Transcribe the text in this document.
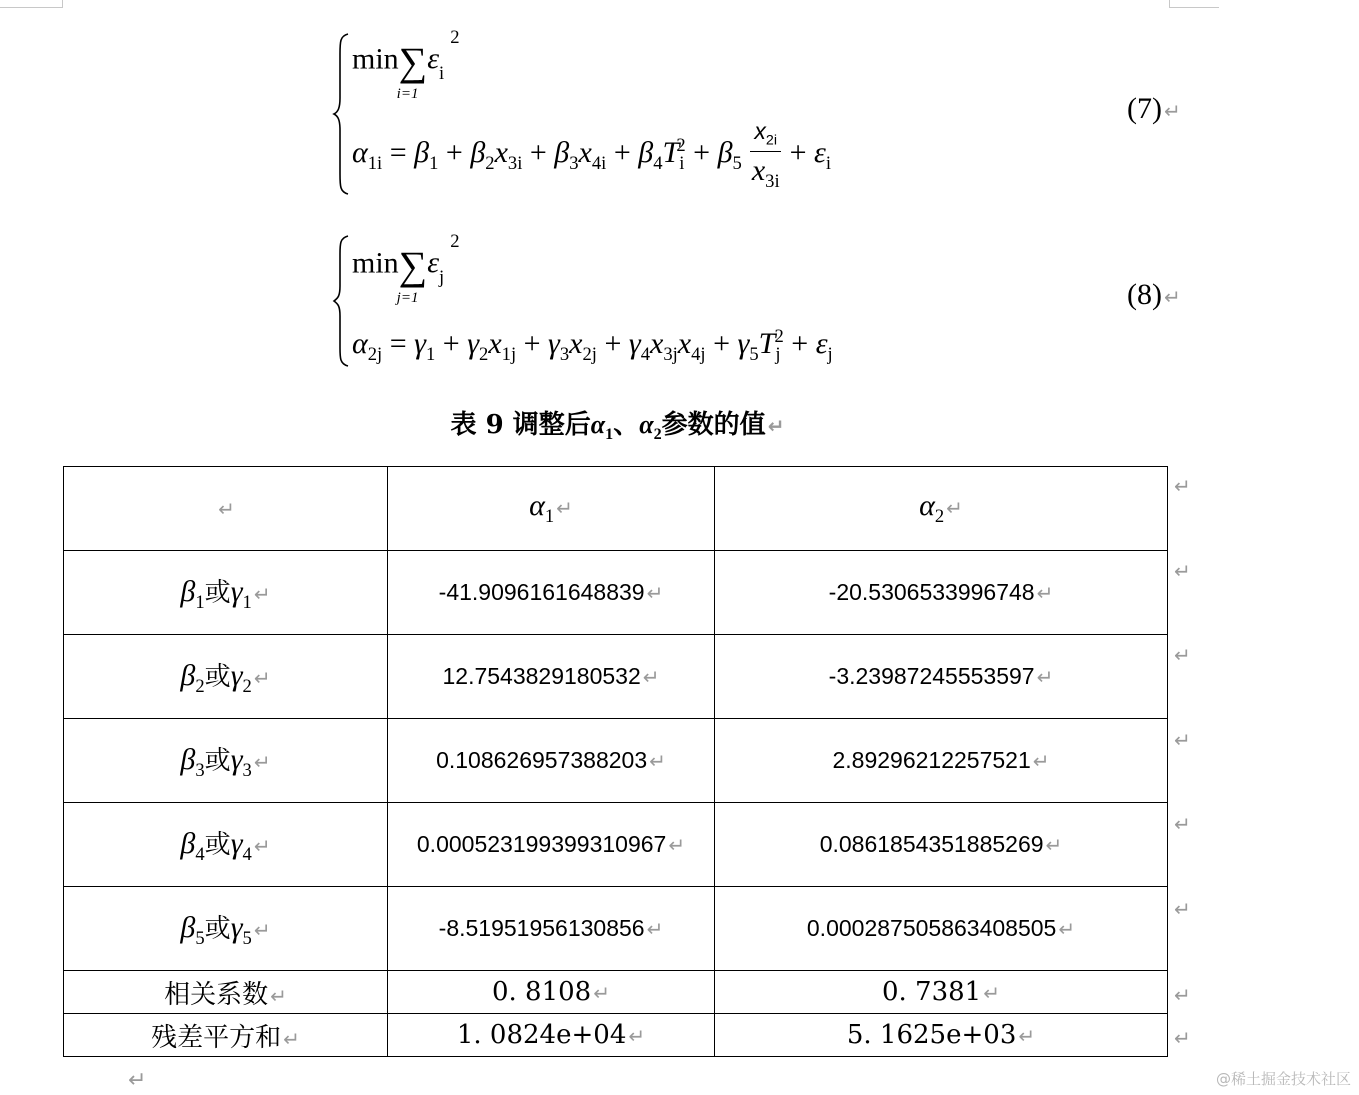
min∑
i=1
$\varepsilon_i^2$
$\alpha_{1i} = \beta_1 + \beta_2x_{3i} + \beta_3x_{4i} + \beta_4T_i^2 + \beta_5 \frac{x_{2i}}{x_{3i}} + \varepsilon_i$
(7) ↵
min∑
j=1
$\varepsilon_j^2$
$\alpha_{2j} = \gamma_1 + \gamma_2x_{1j} + \gamma_3x_{2j} + \gamma_4x_{3j}x_{4j} + \gamma_5T_j^2 + \varepsilon_j$
(8) ↵
表 9 调整后$\alpha_1$、$\alpha_2$参数的值 ↵
↵	$\alpha_1$ ↵	$\alpha_2$ ↵
$\beta_1$或$\gamma_1$ ↵	-41.9096161648839 ↵	-20.5306533996748 ↵
$\beta_2$或$\gamma_2$ ↵	12.7543829180532 ↵	-3.23987245553597 ↵
$\beta_3$或$\gamma_3$ ↵	0.108626957388203 ↵	2.89296212257521 ↵
$\beta_4$或$\gamma_4$ ↵	0.000523199399310967 ↵	0.0861854351885269 ↵
$\beta_5$或$\gamma_5$ ↵	-8.51951956130856 ↵	0.000287505863408505 ↵
相关系数 ↵	0. 8108 ↵	0. 7381 ↵
残差平方和 ↵	1. 0824e+04 ↵	5. 1625e+03 ↵
↵
↵
↵
↵
↵
↵
↵
↵
↵	@稀土掘金技术社区
